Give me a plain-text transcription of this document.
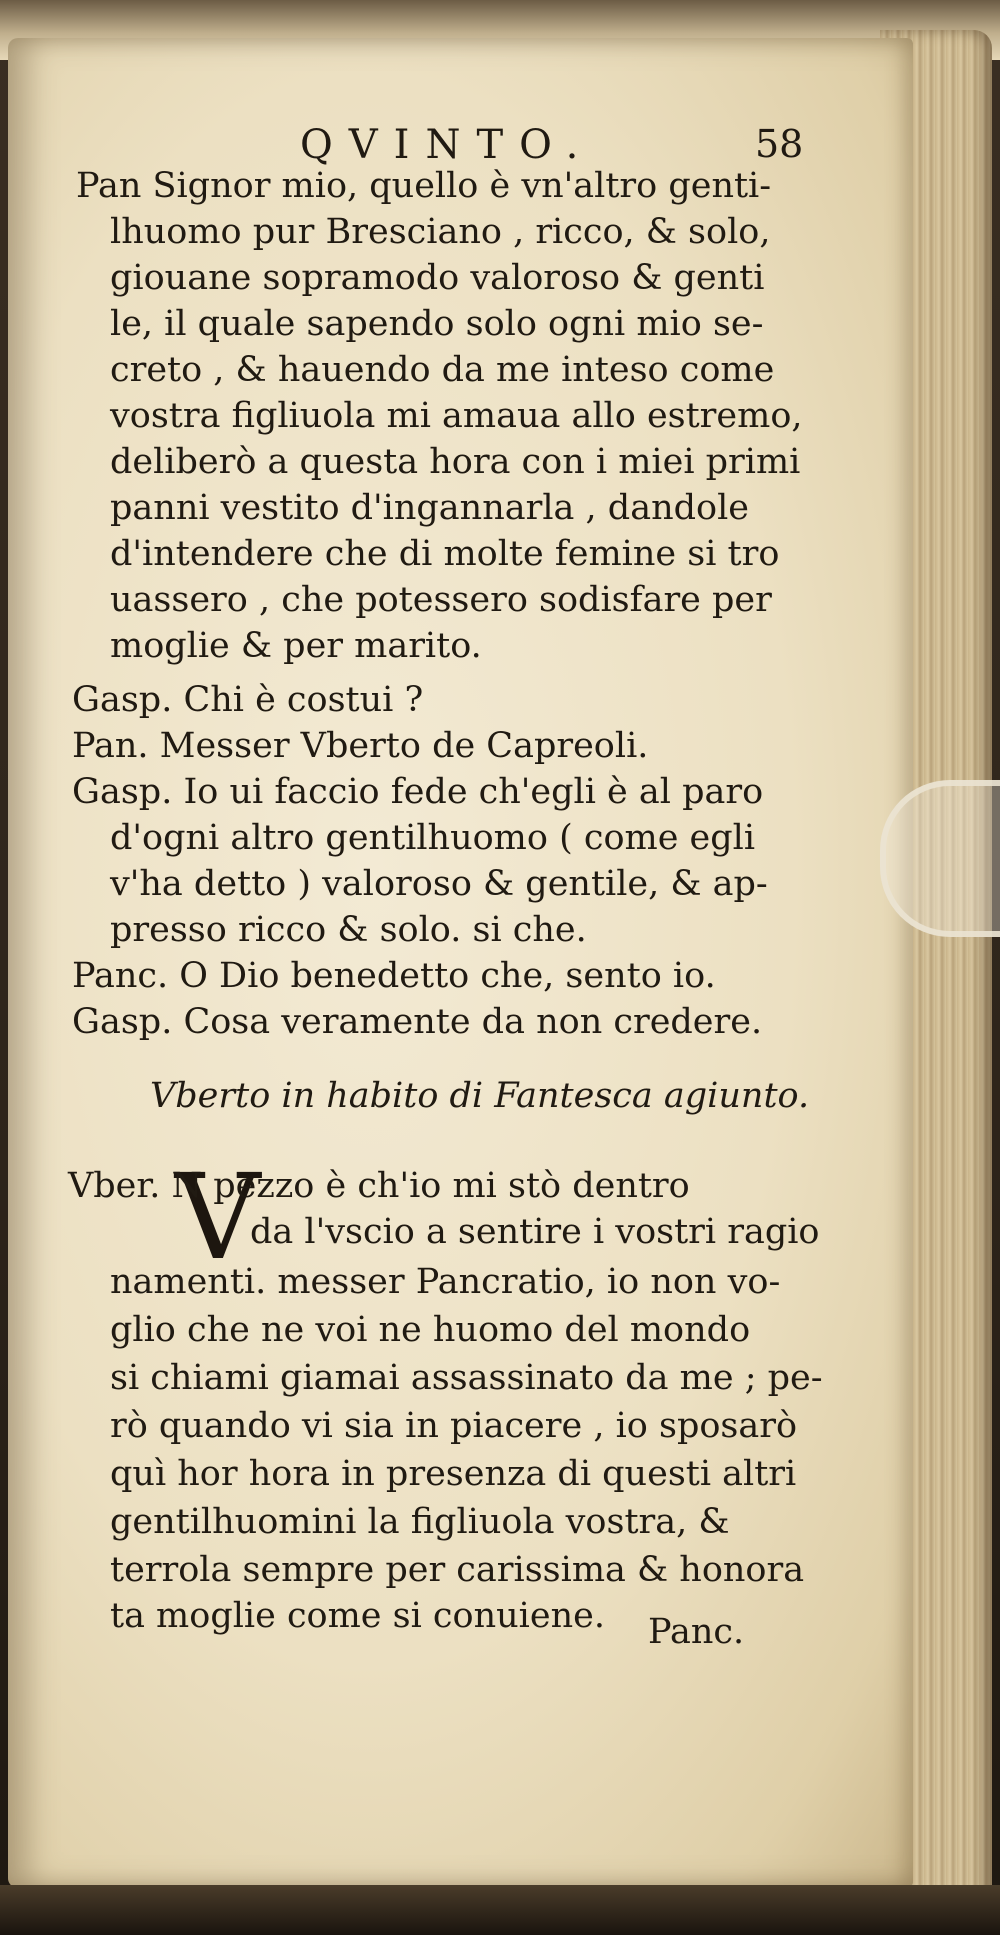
QVINTO.	58
Pan Signor mio, quello è vn'altro genti-
lhuomo pur Bresciano , ricco, & solo,
giouane sopramodo valoroso & genti
le, il quale sapendo solo ogni mio se-
creto , & hauendo da me inteso come
vostra figliuola mi amaua allo estremo,
deliberò a questa hora con i miei primi
panni vestito d'ingannarla , dandole
d'intendere che di molte femine si tro
uassero , che potessero sodisfare per
moglie & per marito.
Gasp. Chi è costui ?
Pan. Messer Vberto de Capreoli.
Gasp. Io ui faccio fede ch'egli è al paro
d'ogni altro gentilhuomo ( come egli
v'ha detto ) valoroso & gentile, & ap-
presso ricco & solo. si che.
Panc. O Dio benedetto che, sento io.
Gasp. Cosa veramente da non credere.
Vberto in habito di Fantesca agiunto.
V
Vber. N pezzo è ch'io mi stò dentro
da l'vscio a sentire i vostri ragio
namenti. messer Pancratio, io non vo-
glio che ne voi ne huomo del mondo
si chiami giamai assassinato da me ; pe-
rò quando vi sia in piacere , io sposarò
quì hor hora in presenza di questi altri
gentilhuomini la figliuola vostra, &
terrola sempre per carissima & honora
ta moglie come si conuiene. Panc.
